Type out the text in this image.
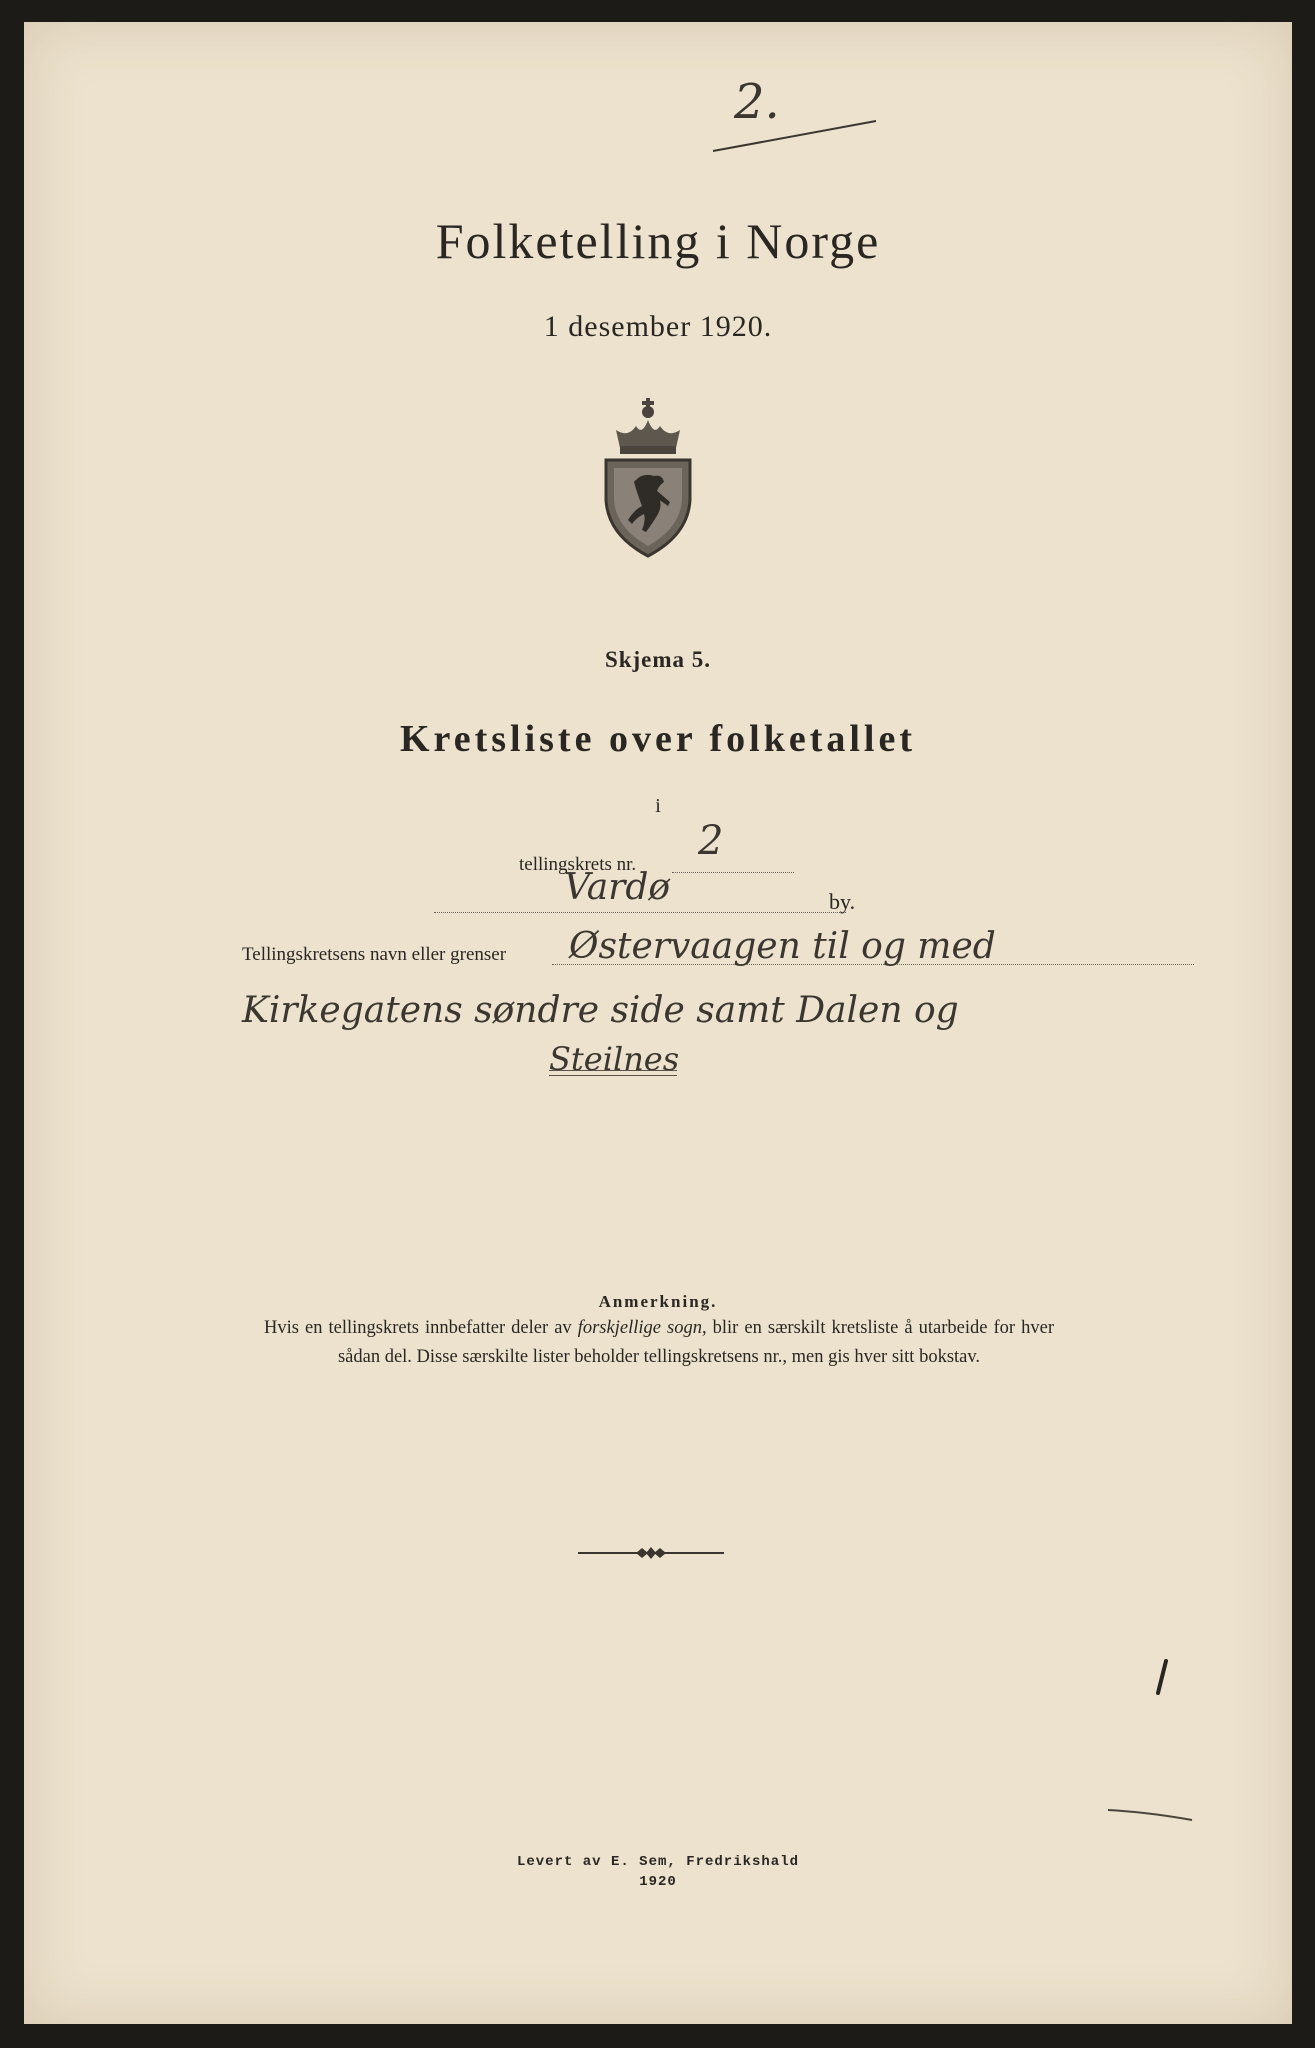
2.
Folketelling i Norge
1 desember 1920.
Skjema 5.
Kretsliste over folketallet
i
tellingskrets nr.
2
Vardø	by.
Tellingskretsens navn eller grenser Østervaagen til og med
Kirkegatens søndre side samt Dalen og
Steilnes
Anmerkning.
Hvis en tellingskrets innbefatter deler av forskjellige sogn, blir en særskilt kretsliste å utarbeide for hver sådan del. Disse særskilte lister beholder tellingskretsens nr., men gis hver sitt bokstav.
Levert av E. Sem, Fredrikshald
1920
